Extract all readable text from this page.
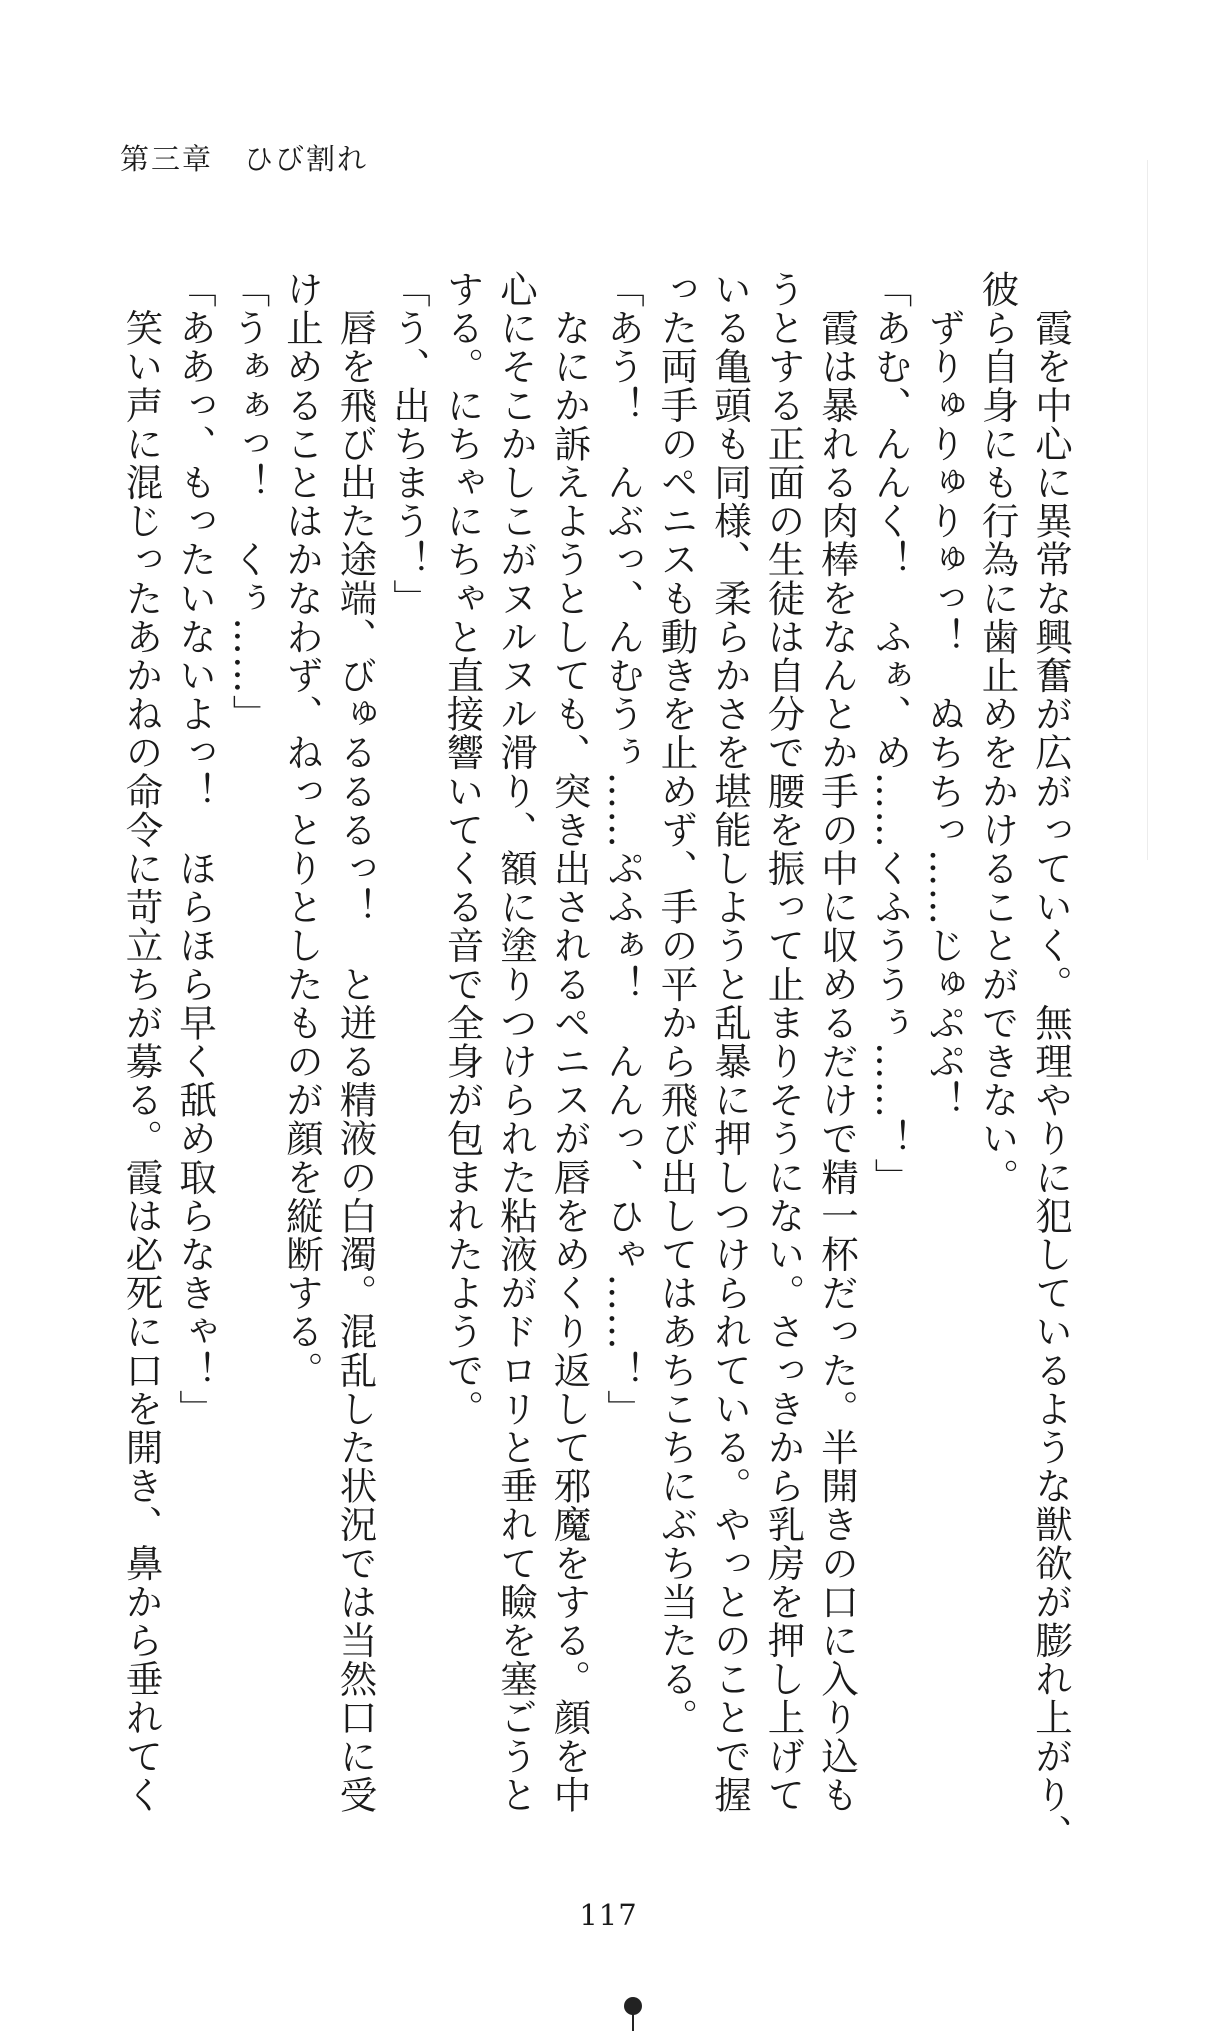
第三章　ひび割れ

　霞を中心に異常な興奮が広がっていく。無理やりに犯しているような獣欲が膨れ上がり、

彼ら自身にも行為に歯止めをかけることができない。

　ずりゅりゅりゅっ！　ぬちちっ……じゅぷぷ！

「あむ、んんく！　ふぁ、め……くふううぅ……！」

　霞は暴れる肉棒をなんとか手の中に収めるだけで精一杯だった。半開きの口に入り込も

うとする正面の生徒は自分で腰を振って止まりそうにない。さっきから乳房を押し上げて

いる亀頭も同様、柔らかさを堪能しようと乱暴に押しつけられている。やっとのことで握

った両手のペニスも動きを止めず、手の平から飛び出してはあちこちにぶち当たる。

「あう！　んぶっ、んむうぅ……ぷふぁ！　んんっ、ひゃ……！」

　なにか訴えようとしても、突き出されるペニスが唇をめくり返して邪魔をする。顔を中

心にそこかしこがヌルヌル滑り、額に塗りつけられた粘液がドロリと垂れて瞼を塞ごうと

する。にちゃにちゃと直接響いてくる音で全身が包まれたようで。

「う、出ちまう！」

　唇を飛び出た途端、びゅるるるっ！　と迸る精液の白濁。混乱した状況では当然口に受

け止めることはかなわず、ねっとりとしたものが顔を縦断する。

「うぁぁっ！　くぅ……」

「ああっ、もったいないよっ！　ほらほら早く舐め取らなきゃ！」

　笑い声に混じったあかねの命令に苛立ちが募る。霞は必死に口を開き、鼻から垂れてく

117
